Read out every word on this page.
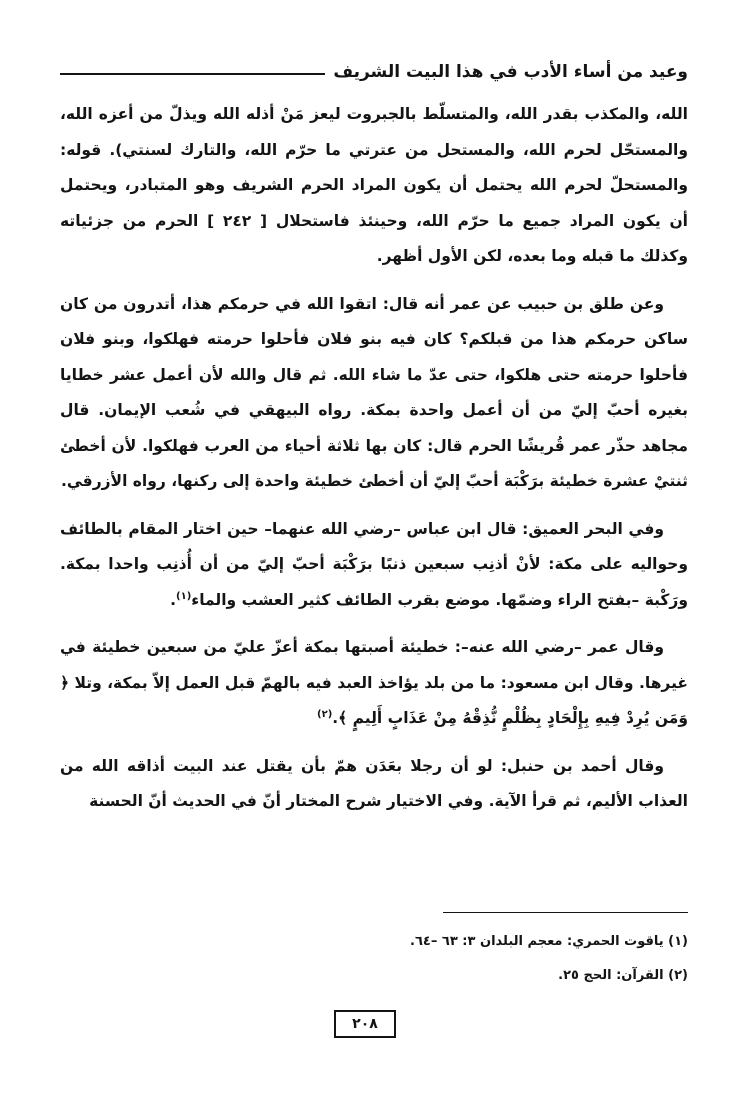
وعيد من أساء الأدب في هذا البيت الشريف

الله، والمكذب بقدر الله، والمتسلّط بالجبروت ليعز مَنْ أذله الله ويذلّ من أعزه الله، والمستحّل لحرم الله، والمستحل من عترتي ما حرّم الله، والتارك لسنتي). قوله: والمستحلّ لحرم الله يحتمل أن يكون المراد الحرم الشريف وهو المتبادر، ويحتمل أن يكون المراد جميع ما حرّم الله، وحينئذ فاستحلال [ ٢٤٢ ] الحرم من جزئياته وكذلك ما قبله وما بعده، لكن الأول أظهر.

وعن طلق بن حبيب عن عمر أنه قال: اتقوا الله في حرمكم هذا، أتدرون من كان ساكن حرمكم هذا من قبلكم؟ كان فيه بنو فلان فأحلوا حرمته فهلكوا، وبنو فلان فأحلوا حرمته حتى هلكوا، حتى عدّ ما شاء الله. ثم قال والله لأن أعمل عشر خطايا بغيره أحبّ إليّ من أن أعمل واحدة بمكة. رواه البيهقي في شُعب الإيمان. قال مجاهد حذّر عمر قُريشًا الحرم قال: كان بها ثلاثة أحياء من العرب فهلكوا. لأن أخطئ ثنتيْ عشرة خطيئة برَكْبَة أحبّ إليّ أن أخطئ خطيئة واحدة إلى ركنها، رواه الأزرقي.

وفي البحر العميق: قال ابن عباس –رضي الله عنهما– حين اختار المقام بالطائف وحواليه على مكة: لأنْ أذنِب سبعين ذنبًا برَكْبَة أحبّ إليّ من أن أُذنِب واحدا بمكة. ورَكْبة –بفتح الراء وضمّها. موضع بقرب الطائف كثير العشب والماء$^{(١)}$.

وقال عمر –رضي الله عنه–: خطيئة أصبتها بمكة أعزّ عليّ من سبعين خطيئة في غيرها. وقال ابن مسعود: ما من بلد يؤاخذ العبد فيه بالهمّ قبل العمل إلاّ بمكة، وتلا ﴿ وَمَن يُرِدْ فِيهِ بِإِلْحَادٍ بِظُلْمٍ نُّذِقْهُ مِنْ عَذَابٍ أَلِيمٍ ﴾.$^{(٢)}$

وقال أحمد بن حنبل: لو أن رجلا بعَدَن همّ بأن يقتل عند البيت أذاقه الله من العذاب الأليم، ثم قرأ الآية. وفي الاختيار شرح المختار أنّ في الحديث أنّ الحسنة

(١) ياقوت الحمري: معجم البلدان ٣: ٦٣ –٦٤.

(٢) القرآن: الحج ٢٥.

٢٠٨
